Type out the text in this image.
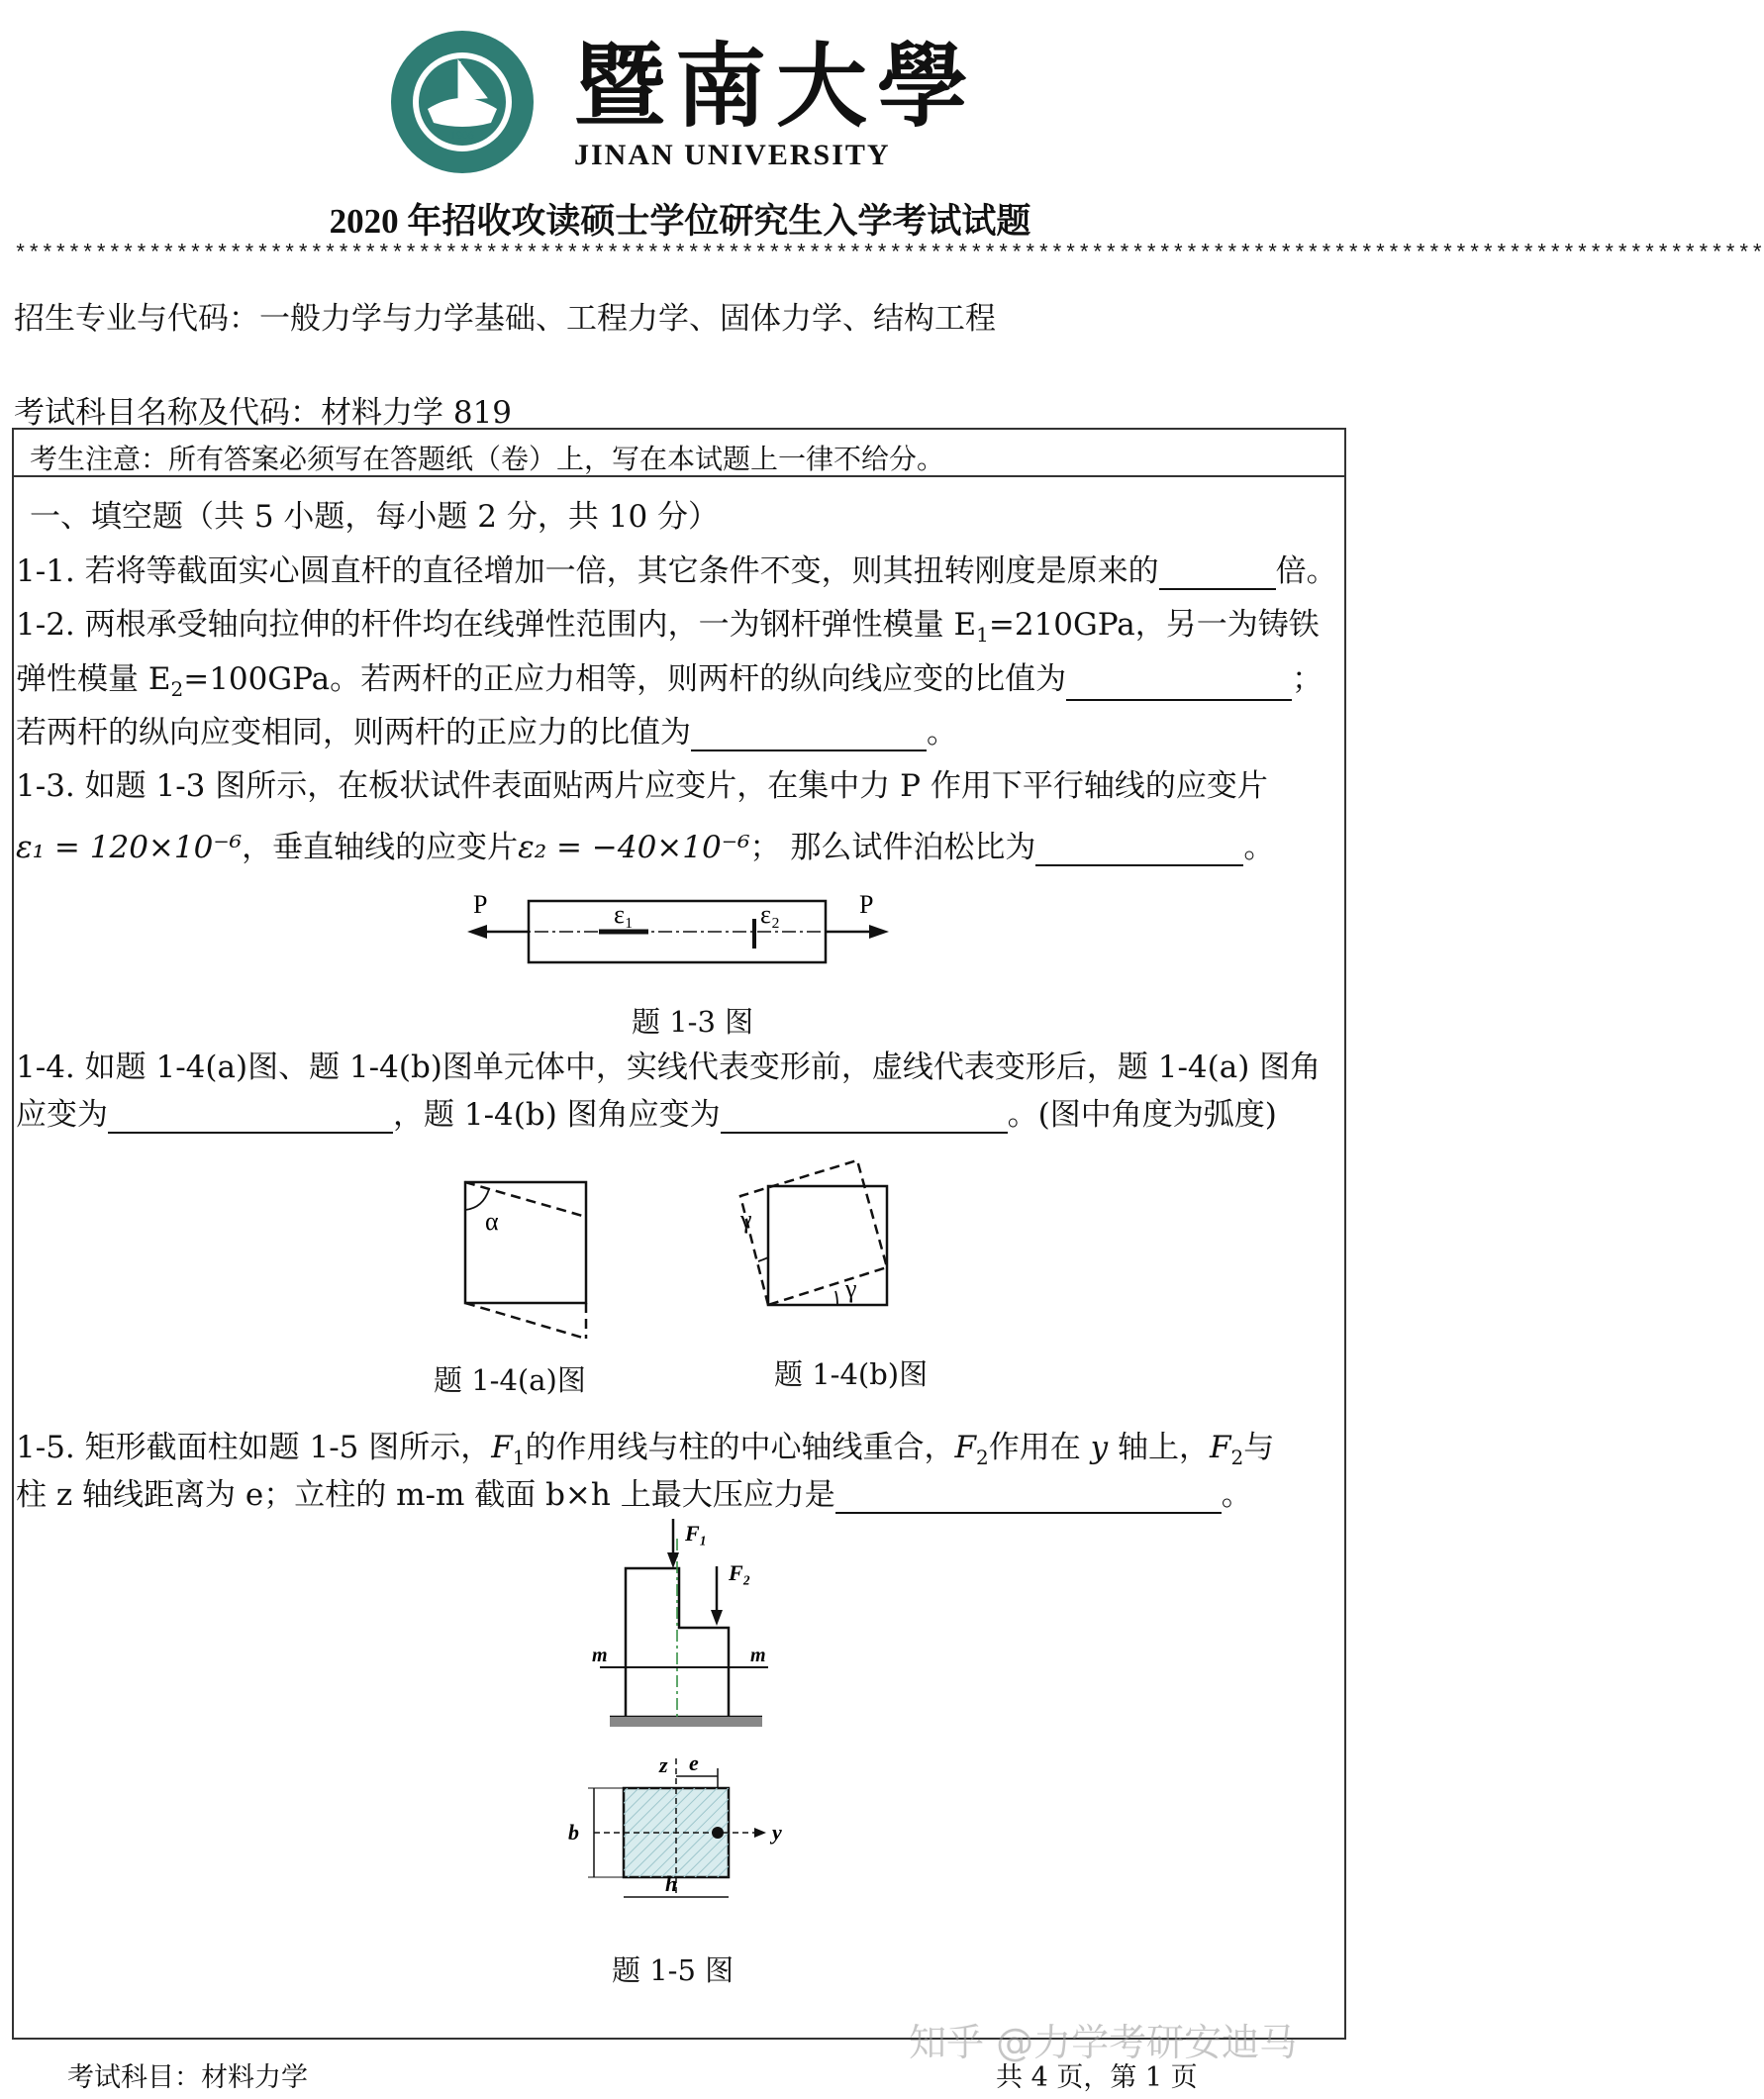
1906 暨南大學
JINAN UNIVERSITY
2020 年招收攻读硕士学位研究生入学考试试题
**********************************************************************************************************************************
招生专业与代码：一般力学与力学基础、工程力学、固体力学、结构工程
考试科目名称及代码：材料力学 819
考生注意：所有答案必须写在答题纸（卷）上，写在本试题上一律不给分。
一、填空题（共 5 小题，每小题 2 分，共 10 分）
1-1. 若将等截面实心圆直杆的直径增加一倍，其它条件不变，则其扭转刚度是原来的	倍。
1-2. 两根承受轴向拉伸的杆件均在线弹性范围内，一为钢杆弹性模量 $E_1=210GPa$，另一为铸铁
弹性模量 $E_2=100GPa$。若两杆的正应力相等，则两杆的纵向线应变的比值为	；
若两杆的纵向应变相同，则两杆的正应力的比值为	。
1-3. 如题 1-3 图所示，在板状试件表面贴两片应变片，在集中力 P 作用下平行轴线的应变片
ε₁ = 120×10⁻⁶，垂直轴线的应变片ε₂ = −40×10⁻⁶； 那么试件泊松比为	。
P	P
ε₁	ε₂
题 1-3 图
1-4. 如题 1-4(a)图、题 1-4(b)图单元体中，实线代表变形前，虚线代表变形后，题 1-4(a) 图角
应变为	，题 1-4(b) 图角应变为	。(图中角度为弧度)
α
题 1-4(a)图
γ
γ
题 1-4(b)图
1-5. 矩形截面柱如题 1-5 图所示，$F_1$的作用线与柱的中心轴线重合，$F_2$作用在 y 轴上，$F_2$与
柱 z 轴线距离为 e；立柱的 m-m 截面 b×h 上最大压应力是	。
F₁
F₂
m	m
z e
b	y
h
题 1-5 图
考试科目：材料力学	共 4 页，第 1 页
知乎 @力学考研安迪马
